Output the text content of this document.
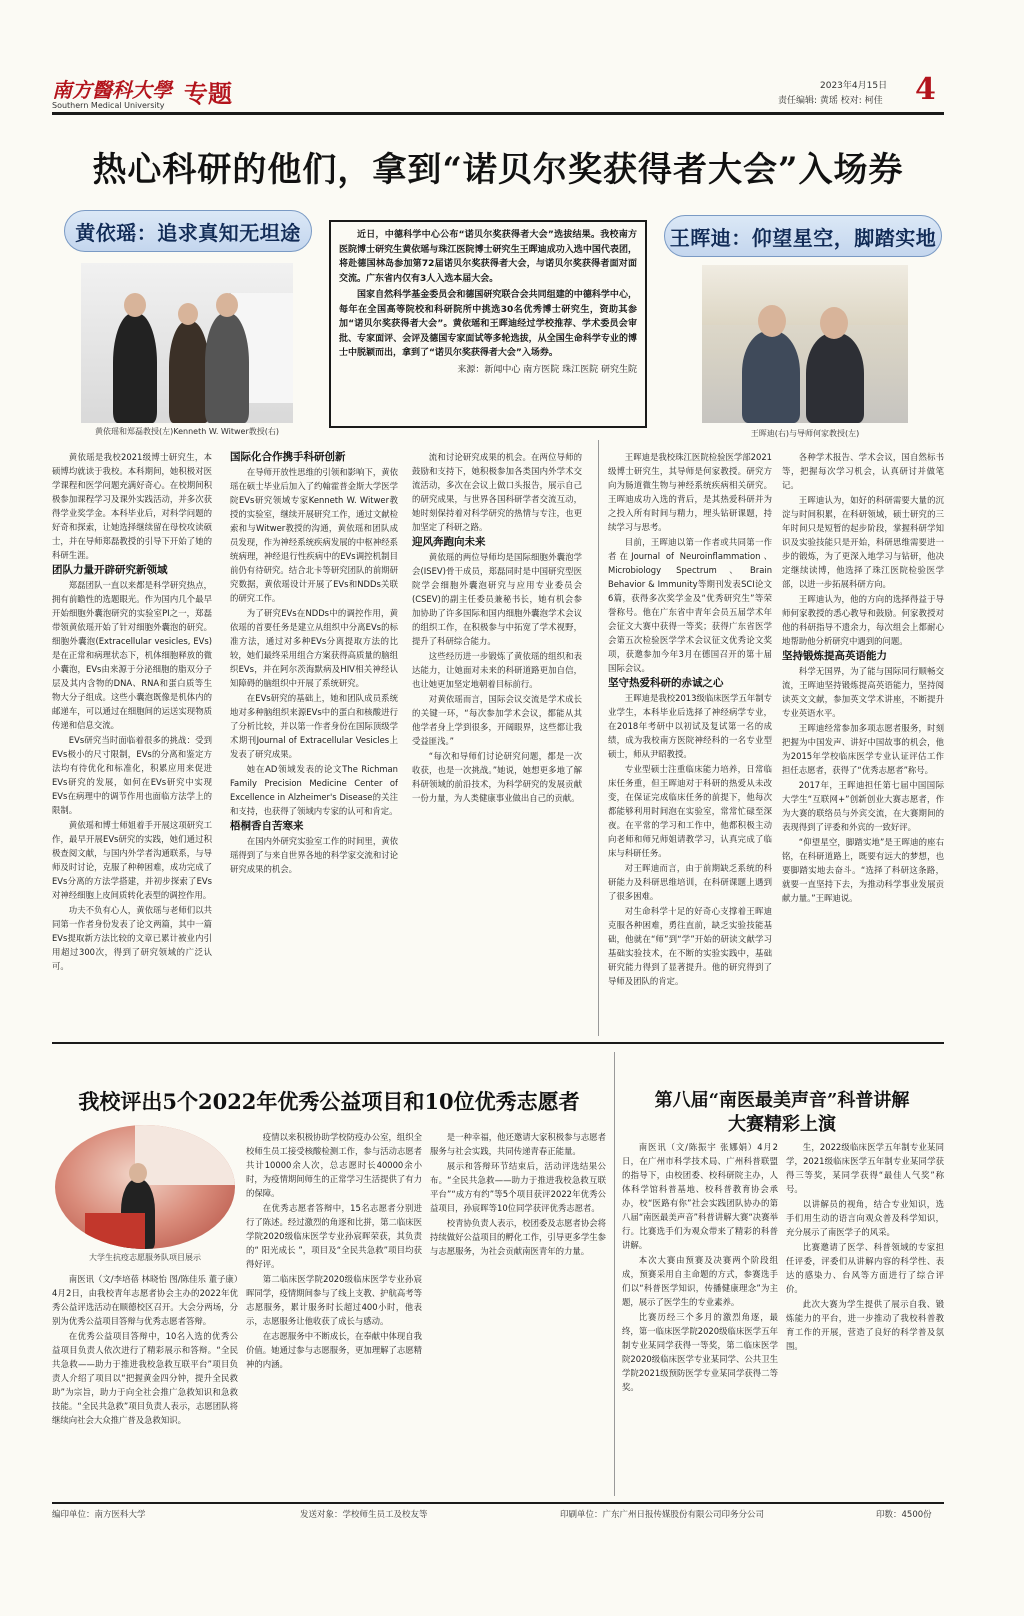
南方醫科大學
Southern Medical University 专题	2023年4月15日
责任编辑: 黄瑶 校对: 柯佳 4
热心科研的他们，拿到“诺贝尔奖获得者大会”入场券
黄依瑶：追求真知无坦途	王晖迪：仰望星空，脚踏实地
黄依瑶和郑磊教授(左)Kenneth W. Witwer教授(右)
近日，中德科学中心公布“诺贝尔奖获得者大会”选拔结果。我校南方医院博士研究生黄依瑶与珠江医院博士研究生王晖迪成功入选中国代表团，将赴德国林岛参加第72届诺贝尔奖获得者大会，与诺贝尔奖获得者面对面交流。广东省内仅有3人入选本届大会。
国家自然科学基金委员会和德国研究联合会共同组建的中德科学中心，每年在全国高等院校和科研院所中挑选30名优秀博士研究生，资助其参加“诺贝尔奖获得者大会”。黄依瑶和王晖迪经过学校推荐、学术委员会审批、专家面评、会评及德国专家面试等多轮选拔，从全国生命科学专业的博士中脱颖而出，拿到了“诺贝尔奖获得者大会”入场券。
来源：新闻中心 南方医院 珠江医院 研究生院
王晖迪(右)与导师何家教授(左)

黄依瑶是我校2021级博士研究生，本硕博均就读于我校。本科期间，她积极对医学课程和医学问题充满好奇心。在校期间积极参加课程学习及课外实践活动，并多次获得学业奖学金。本科毕业后，对科学问题的好奇和探索，让她选择继续留在母校攻读硕士，并在导师郑磊教授的引导下开始了她的科研生涯。

团队力量开辟研究新领域

郑磊团队一直以来都是科学研究热点，拥有前瞻性的选题眼光。作为国内几个最早开始细胞外囊泡研究的实验室PI之一，郑磊带领黄依瑶开始了针对细胞外囊泡的研究。细胞外囊泡(Extracellular vesicles, EVs)是在正常和病理状态下，机体细胞释放的微小囊泡，EVs由来源于分泌细胞的脂双分子层及其内含物的DNA、RNA和蛋白质等生物大分子组成。这些小囊泡既像是机体内的邮递车，可以通过在细胞间的运送实现物质传递和信息交流。

EVs研究当时面临着很多的挑战：受到EVs极小的尺寸限制，EVs的分离和鉴定方法均有待优化和标准化，积累应用来促进EVs研究的发展，如何在EVs研究中实现EVs在病理中的调节作用也面临方法学上的限制。

黄依瑶和博士师姐着手开展这项研究工作，最早开展EVs研究的实践，她们通过积极查阅文献，与国内外学者沟通联系，与导师及时讨论，克服了种种困难，成功完成了EVs分离的方法学搭建，并初步探索了EVs对神经细胞上皮间质转化表型的调控作用。

功夫不负有心人，黄依瑶与老师们以共同第一作者身份发表了论文两篇，其中一篇EVs提取新方法比较的文章已累计被业内引用超过300次，得到了研究领域的广泛认可。

国际化合作携手科研创新

在导师开放性思维的引领和影响下，黄依瑶在硕士毕业后加入了约翰霍普金斯大学医学院EVs研究领域专家Kenneth W. Witwer教授的实验室，继续开展研究工作，通过文献检索和与Witwer教授的沟通，黄依瑶和团队成员发现，作为神经系统疾病发展的中枢神经系统病理，神经退行性疾病中的EVs调控机制目前仍有待研究。结合北卡等研究团队的前期研究数据，黄依瑶设计开展了EVs和NDDs关联的研究工作。

为了研究EVs在NDDs中的调控作用，黄依瑶的首要任务是建立从组织中分离EVs的标准方法，通过对多种EVs分离提取方法的比较，她们最终采用组合方案获得高质量的脑组织EVs，并在阿尔茨海默病及HIV相关神经认知障碍的脑组织中开展了系统研究。

在EVs研究的基础上，她和团队成员系统地对多种脑组织来源EVs中的蛋白和核酸进行了分析比较，并以第一作者身份在国际顶级学术期刊Journal of Extracellular Vesicles上发表了研究成果。

她在AD领域发表的论文The Richman Family Precision Medicine Center of Excellence in Alzheimer's Disease的关注和支持，也获得了领域内专家的认可和肯定。

梧桐香自苦寒来

在国内外研究实验室工作的时间里，黄依瑶得到了与来自世界各地的科学家交流和讨论研究成果的机会。

流和讨论研究成果的机会。在两位导师的鼓励和支持下，她积极参加各类国内外学术交流活动，多次在会议上做口头报告，展示自己的研究成果，与世界各国科研学者交流互动，她时刻保持着对科学研究的热情与专注，也更加坚定了科研之路。

迎风奔跑向未来

黄依瑶的两位导师均是国际细胞外囊泡学会(ISEV)骨干成员，郑磊同时是中国研究型医院学会细胞外囊泡研究与应用专业委员会(CSEV)的副主任委员兼秘书长，她有机会参加协助了许多国际和国内细胞外囊泡学术会议的组织工作，在积极参与中拓宽了学术视野，提升了科研综合能力。

这些经历进一步锻炼了黄依瑶的组织和表达能力，让她面对未来的科研道路更加自信，也让她更加坚定地朝着目标前行。

对黄依瑶而言，国际会议交流是学术成长的关键一环，“每次参加学术会议，都能从其他学者身上学到很多，开阔眼界，这些都让我受益匪浅。”

“每次和导师们讨论研究问题，都是一次收获，也是一次挑战。”她说，她想更多地了解科研领域的前沿技术，为科学研究的发展贡献一份力量，为人类健康事业做出自己的贡献。

王晖迪是我校珠江医院检验医学部2021级博士研究生，其导师是何家教授。研究方向为肠道微生物与神经系统疾病相关研究。王晖迪成功入选的背后，是其热爱科研并为之投入所有时间与精力，埋头钻研课题，持续学习与思考。

目前，王晖迪以第一作者或共同第一作者在Journal of Neuroinflammation、Microbiology Spectrum、Brain Behavior & Immunity等期刊发表SCI论文6篇，获得多次奖学金及“优秀研究生”等荣誉称号。他在广东省中青年会员五届学术年会征文大赛中获得一等奖；获得广东省医学会第五次检验医学学术会议征文优秀论文奖项，获邀参加今年3月在德国召开的第十届国际会议。

坚守热爱科研的赤诚之心

王晖迪是我校2013级临床医学五年制专业学生，本科毕业后选择了神经病学专业，在2018年考研中以初试及复试第一名的成绩，成为我校南方医院神经科的一名专业型硕士，师从尹昭教授。

专业型硕士注重临床能力培养，日常临床任务重，但王晖迪对于科研的热爱从未改变，在保证完成临床任务的前提下，他每次都能够利用时间泡在实验室，常常忙碌至深夜。在平常的学习和工作中，他都积极主动向老师和师兄师姐请教学习，认真完成了临床与科研任务。

对王晖迪而言，由于前期缺乏系统的科研能力及科研思维培训，在科研课题上遇到了很多困难。

对生命科学十足的好奇心支撑着王晖迪克服各种困难，勇往直前，缺乏实验技能基础，他就在“师”到“学”开始的研读文献学习基础实验技术，在不断的实验实践中，基础研究能力得到了显著提升。他的研究得到了导师及团队的肯定。

各种学术报告、学术会议，国自然标书等，把握每次学习机会，认真研讨并做笔记。

王晖迪认为，如好的科研需要大量的沉淀与时间积累，在科研领域，硕士研究的三年时间只是短暂的起步阶段，掌握科研学知识及实验技能只是开始，科研思维需要进一步的锻炼，为了更深入地学习与钻研，他决定继续读博，他选择了珠江医院检验医学部，以进一步拓展科研方向。

王晖迪认为，他的方向的选择得益于导师何家教授的悉心教导和鼓励。何家教授对他的科研指导不遗余力，每次组会上都耐心地帮助他分析研究中遇到的问题。

坚持锻炼提高英语能力

科学无国界，为了能与国际同行顺畅交流，王晖迪坚持锻炼提高英语能力，坚持阅读英文文献，参加英文学术讲座，不断提升专业英语水平。

王晖迪经常参加多项志愿者服务，时刻把握为中国发声、讲好中国故事的机会，他为2015年学校临床医学专业认证评估工作担任志愿者，获得了“优秀志愿者”称号。

2017年，王晖迪担任第七届中国国际大学生“互联网+”创新创业大赛志愿者，作为大赛的联络员与外宾交流，在大赛期间的表现得到了评委和外宾的一致好评。

“仰望星空，脚踏实地”是王晖迪的座右铭，在科研道路上，既要有远大的梦想，也要脚踏实地去奋斗。“选择了科研这条路，就要一直坚持下去，为推动科学事业发展贡献力量。”王晖迪说。

我校评出5个2022年优秀公益项目和10位优秀志愿者
大学生抗疫志愿服务队项目展示

南医讯（文/李培蓓 林晓怡 图/陈佳乐 董子康）4月2日，由我校青年志愿者协会主办的2022年优秀公益评选活动在顺德校区召开。大会分两场，分别为优秀公益项目答辩与优秀志愿者答辩。

在优秀公益项目答辩中，10名入选的优秀公益项目负责人依次进行了精彩展示和答辩。“全民共急救——助力于推进我校急救互联平台”项目负责人介绍了项目以“把握黄金四分钟，提升全民救助”为宗旨，助力于向全社会推广急救知识和急救技能。“全民共急救”项目负责人表示，志愿团队将继续向社会大众推广普及急救知识。

疫情以来积极协助学校防疫办公室，组织全校师生员工接受核酸检测工作，参与活动志愿者共计10000余人次，总志愿时长40000余小时，为疫情期间师生的正常学习生活提供了有力的保障。

在优秀志愿者答辩中，15名志愿者分别进行了陈述。经过激烈的角逐和比拼，第二临床医学院2020级临床医学专业孙宸晖荣获，其负责的“ 阳光成长 ”，项目及“全民共急救”项目均获得好评。

第二临床医学院2020级临床医学专业孙宸晖同学，疫情期间参与了线上支教、护航高考等志愿服务，累计服务时长超过400小时，他表示，志愿服务让他收获了成长与感动。

在志愿服务中不断成长，在奉献中体现自我价值。她通过参与志愿服务，更加理解了志愿精神的内涵。

是一种幸福，他还邀请大家积极参与志愿者服务与社会实践，共同传递青春正能量。

展示和答辩环节结束后，活动评选结果公布。“全民共急救——助力于推进我校急救互联平台”“成方有约”等5个项目获评2022年优秀公益项目，孙宸晖等10位同学获评优秀志愿者。

校青协负责人表示，校团委及志愿者协会将持续做好公益项目的孵化工作，引导更多学生参与志愿服务，为社会贡献南医青年的力量。

第八届“南医最美声音”科普讲解
大赛精彩上演

南医讯（文/陈振宇 张娜娟）4月2日，在广州市科学技术局、广州科普联盟的指导下，由校团委、校科研院主办，人体科学馆科普基地、校科普教育协会承办，校“医路有你”社会实践团队协办的第八届“南医最美声音”科普讲解大赛“决赛举行。比赛选手们为观众带来了精彩的科普讲解。

本次大赛由预赛及决赛两个阶段组成，预赛采用自主命题的方式，参赛选手们以“科普医学知识，传播健康理念”为主题，展示了医学生的专业素养。

比赛历经三个多月的激烈角逐，最终，第一临床医学院2020级临床医学五年制专业某同学获得一等奖，第二临床医学院2020级临床医学专业某同学、公共卫生学院2021级预防医学专业某同学获得二等奖。

生，2022级临床医学五年制专业某同学，2021级临床医学五年制专业某同学获得三等奖，某同学获得“最佳人气奖”称号。

以讲解员的视角，结合专业知识，选手们用生动的语言向观众普及科学知识，充分展示了南医学子的风采。

比赛邀请了医学、科普领域的专家担任评委，评委们从讲解内容的科学性、表达的感染力、台风等方面进行了综合评价。

此次大赛为学生提供了展示自我、锻炼能力的平台，进一步推动了我校科普教育工作的开展，营造了良好的科学普及氛围。

编印单位：南方医科大学	发送对象：学校师生员工及校友等	印刷单位：广东广州日报传媒股份有限公司印务分公司	印数：4500份
